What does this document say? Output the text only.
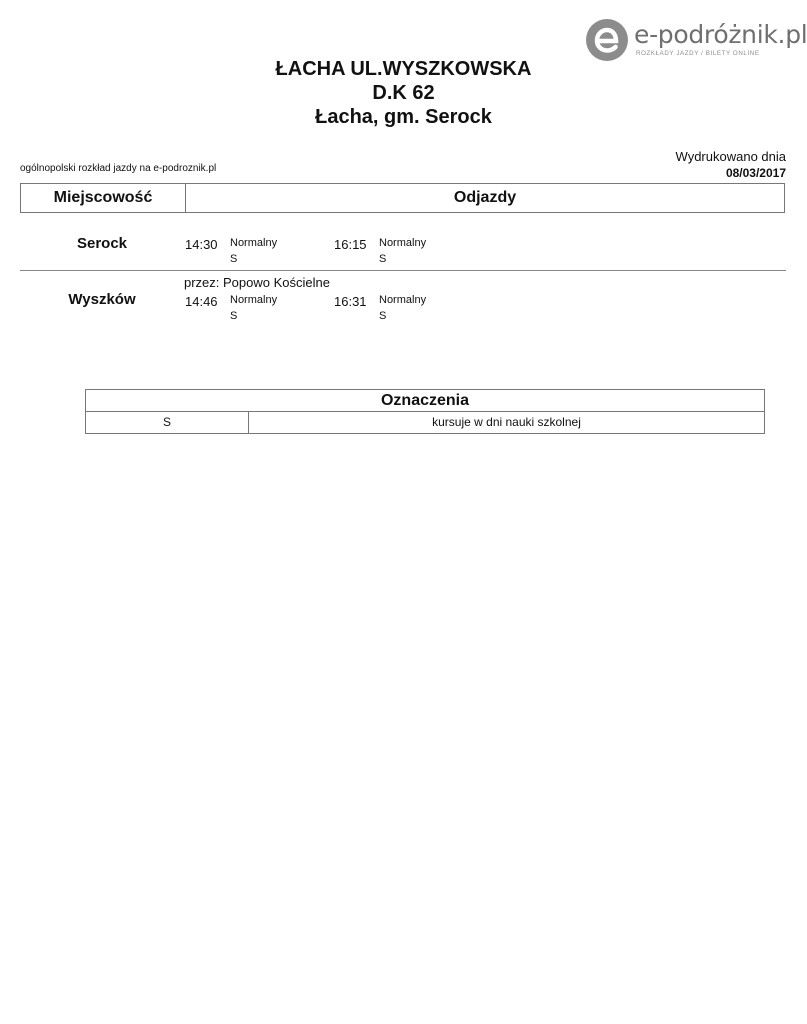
e-podróżnik.pl
ROZKŁADY JAZDY / BILETY ONLINE
ŁACHA UL.WYSZKOWSKA
D.K 62
Łacha, gm. Serock
ogólnopolski rozkład jazdy na e-podroznik.pl
Wydrukowano dnia
08/03/2017
Miejscowość	Odjazdy
Serock	14:30 Normalny
S
16:15 Normalny
S
przez: Popowo Kościelne
Wyszków	14:46 Normalny
S
16:31 Normalny
S
Oznaczenia
S	kursuje w dni nauki szkolnej
